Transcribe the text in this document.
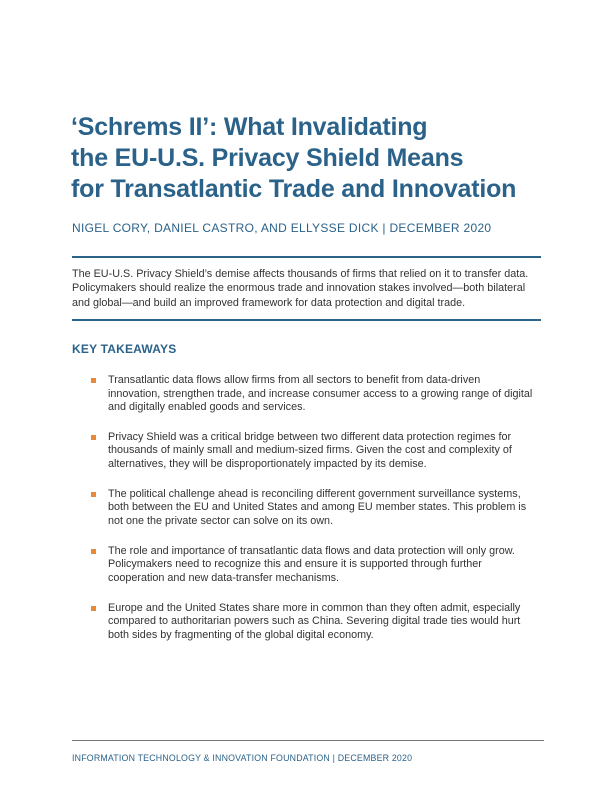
‘Schrems II’: What Invalidating
the EU-U.S. Privacy Shield Means
for Transatlantic Trade and Innovation
NIGEL CORY, DANIEL CASTRO, AND ELLYSSE DICK | DECEMBER 2020

The EU-U.S. Privacy Shield’s demise affects thousands of firms that relied on it to transfer data.
Policymakers should realize the enormous trade and innovation stakes involved—both bilateral
and global—and build an improved framework for data protection and digital trade.

KEY TAKEAWAYS
Transatlantic data flows allow firms from all sectors to benefit from data-driven
innovation, strengthen trade, and increase consumer access to a growing range of digital
and digitally enabled goods and services.
Privacy Shield was a critical bridge between two different data protection regimes for
thousands of mainly small and medium-sized firms. Given the cost and complexity of
alternatives, they will be disproportionately impacted by its demise.
The political challenge ahead is reconciling different government surveillance systems,
both between the EU and United States and among EU member states. This problem is
not one the private sector can solve on its own.
The role and importance of transatlantic data flows and data protection will only grow.
Policymakers need to recognize this and ensure it is supported through further
cooperation and new data-transfer mechanisms.
Europe and the United States share more in common than they often admit, especially
compared to authoritarian powers such as China. Severing digital trade ties would hurt
both sides by fragmenting of the global digital economy.
INFORMATION TECHNOLOGY & INNOVATION FOUNDATION | DECEMBER 2020
